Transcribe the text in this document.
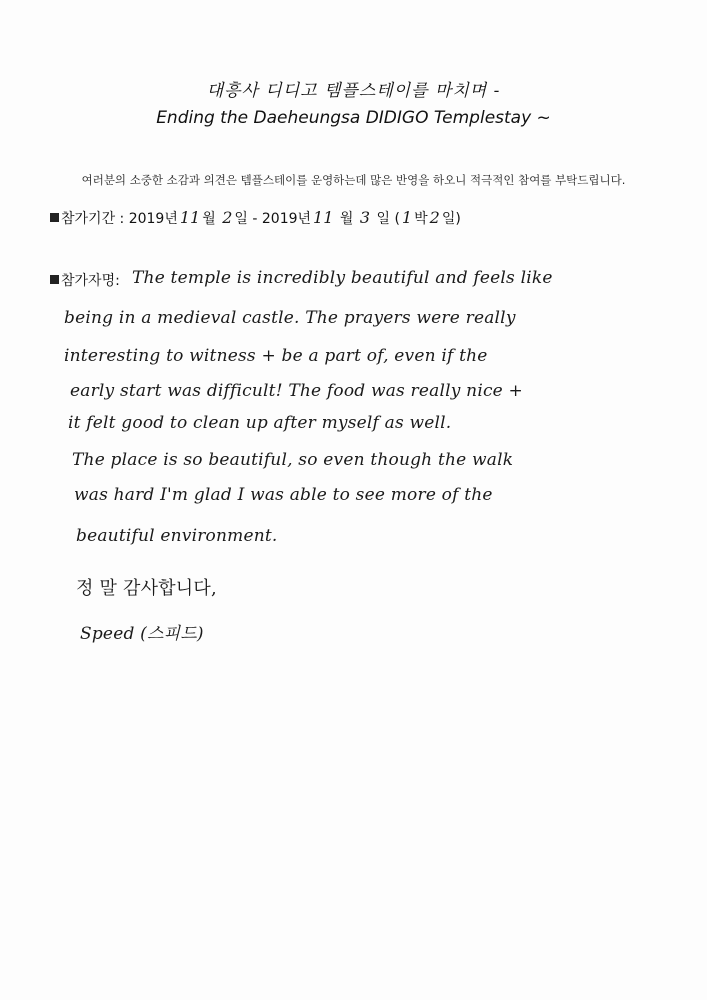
대흥사 디디고 템플스테이를 마치며 -
Ending the Daeheungsa DIDIGO Templestay ~
여러분의 소중한 소감과 의견은 템플스테이를 운영하는데 많은 반영을 하오니 적극적인 참여를 부탁드립니다.
참가기간 : 2019년 11 월 2 일 - 2019년 11 월 3 일 ( 1 박 2 일)
참가자명: The temple is incredibly beautiful and feels like
being in a medieval castle. The prayers were really
interesting to witness + be a part of, even if the
early start was difficult! The food was really nice +
it felt good to clean up after myself as well.
The place is so beautiful, so even though the walk
was hard I'm glad I was able to see more of the
beautiful environment.
정 말 감사합니다,
Speed (스피드)
